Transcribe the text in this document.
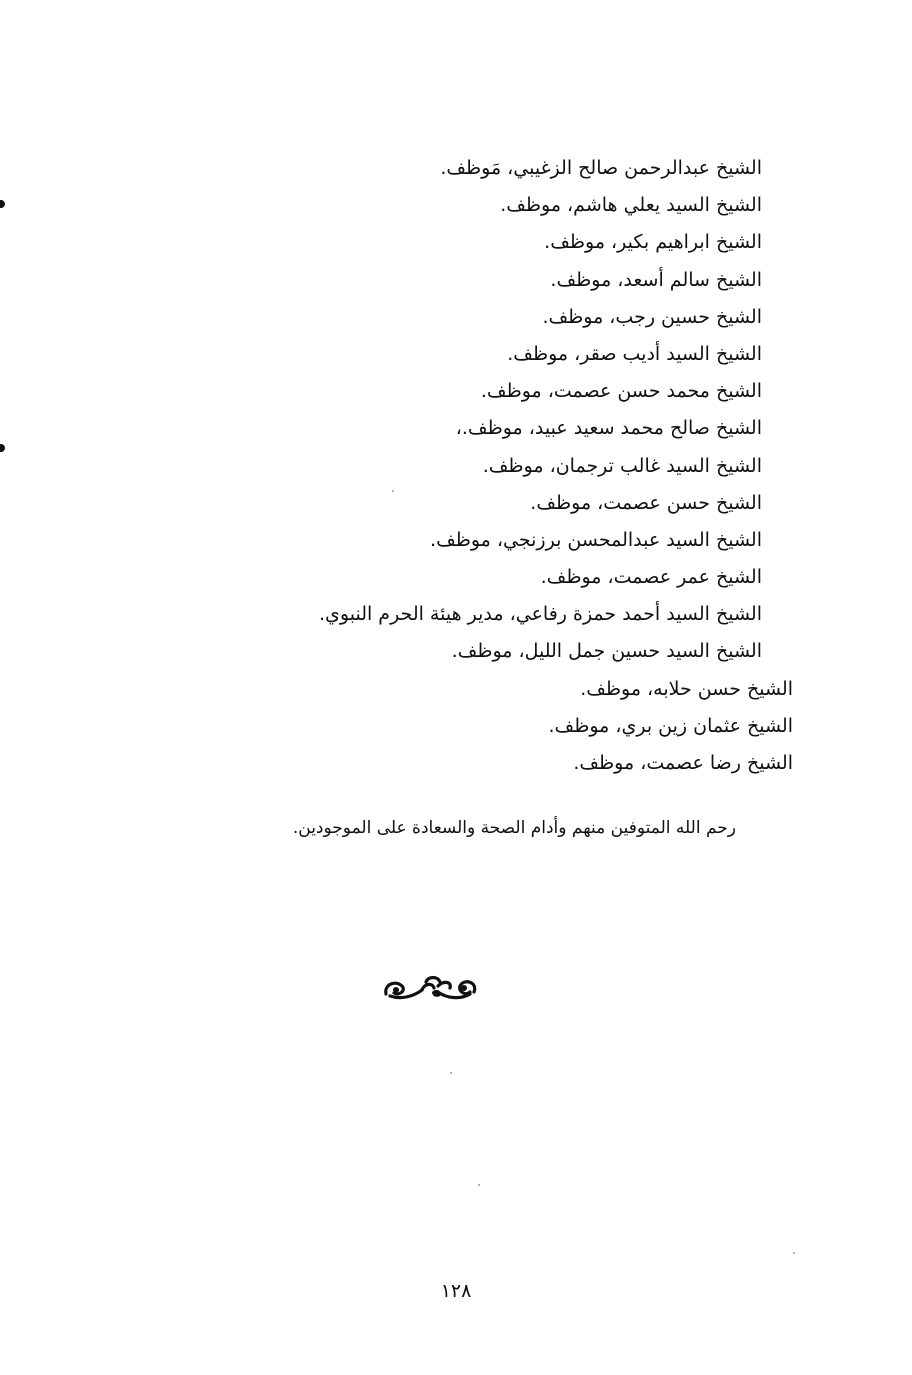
الشيخ عبدالرحمن صالح الزغيبي، مَوظف.
الشيخ السيد يعلي هاشم، موظف.
الشيخ ابراهيم بكير، موظف.
الشيخ سالم أسعد، موظف.
الشيخ حسين رجب، موظف.
الشيخ السيد أديب صقر، موظف.
الشيخ محمد حسن عصمت، موظف.
الشيخ صالح محمد سعيد عبيد، موظف.،
الشيخ السيد غالب ترجمان، موظف.
الشيخ حسن عصمت، موظف.
الشيخ السيد عبدالمحسن برزنجي، موظف.
الشيخ عمر عصمت، موظف.
الشيخ السيد أحمد حمزة رفاعي، مدير هيئة الحرم النبوي.
الشيخ السيد حسين جمل الليل، موظف.
الشيخ حسن حلابه، موظف.
الشيخ عثمان زين بري، موظف.
الشيخ رضا عصمت، موظف.

رحم الله المتوفين منهم وأدام الصحة والسعادة على الموجودين.

١٢٨
